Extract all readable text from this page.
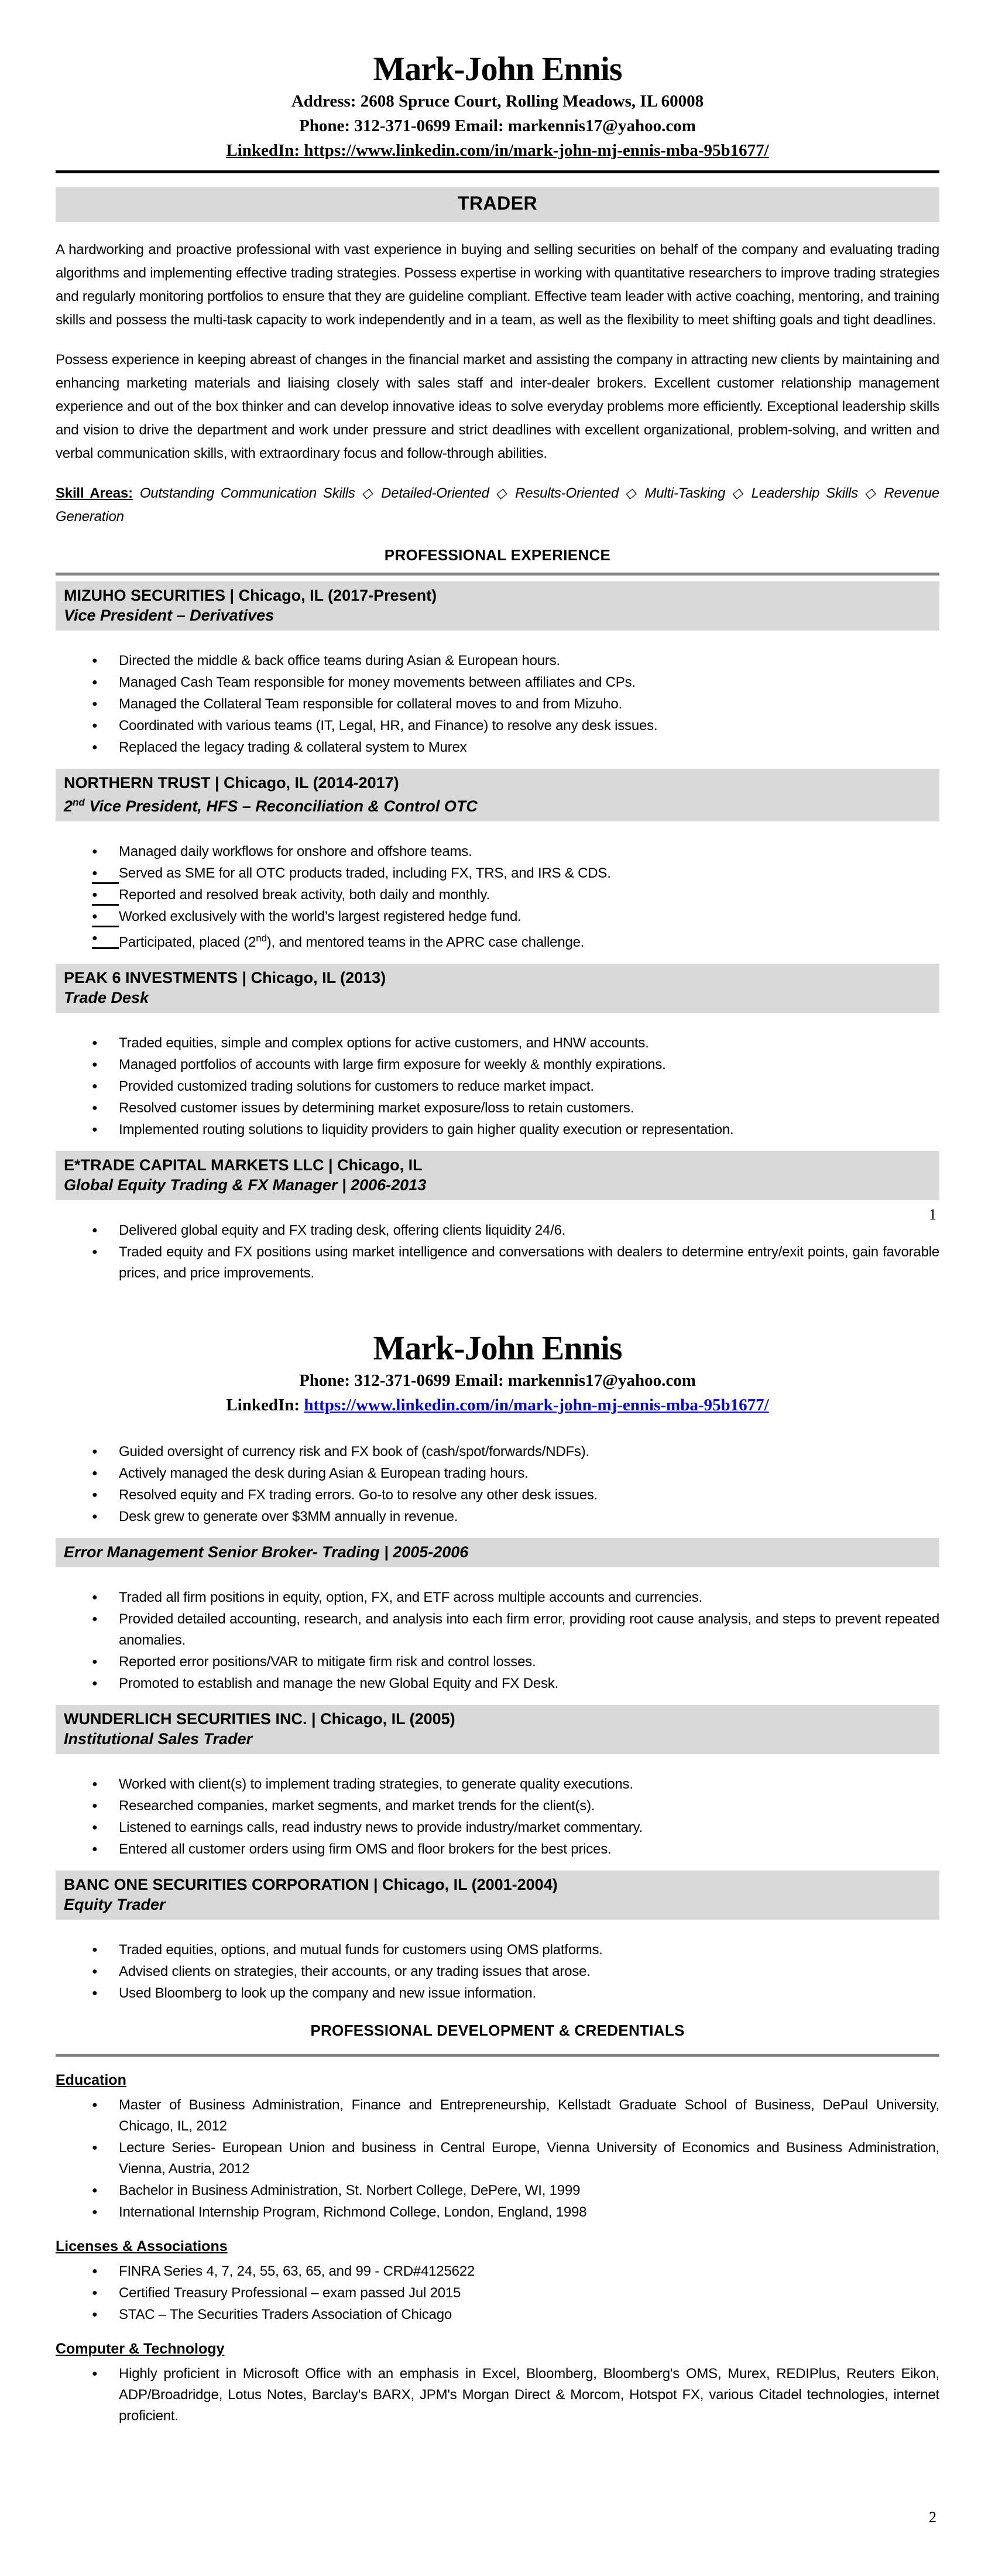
Mark-John Ennis
Address: 2608 Spruce Court, Rolling Meadows, IL 60008
Phone: 312-371-0699 Email: markennis17@yahoo.com
LinkedIn: https://www.linkedin.com/in/mark-john-mj-ennis-mba-95b1677/
TRADER

A hardworking and proactive professional with vast experience in buying and selling securities on behalf of the company and evaluating trading algorithms and implementing effective trading strategies. Possess expertise in working with quantitative researchers to improve trading strategies and regularly monitoring portfolios to ensure that they are guideline compliant. Effective team leader with active coaching, mentoring, and training skills and possess the multi-task capacity to work independently and in a team, as well as the flexibility to meet shifting goals and tight deadlines.

Possess experience in keeping abreast of changes in the financial market and assisting the company in attracting new clients by maintaining and enhancing marketing materials and liaising closely with sales staff and inter-dealer brokers. Excellent customer relationship management experience and out of the box thinker and can develop innovative ideas to solve everyday problems more efficiently. Exceptional leadership skills and vision to drive the department and work under pressure and strict deadlines with excellent organizational, problem-solving, and written and verbal communication skills, with extraordinary focus and follow-through abilities.

Skill Areas: Outstanding Communication Skills ◇ Detailed-Oriented ◇ Results-Oriented ◇ Multi-Tasking ◇ Leadership Skills ◇ Revenue Generation

PROFESSIONAL EXPERIENCE
MIZUHO SECURITIES | Chicago, IL (2017-Present)
Vice President – Derivatives
●	Directed the middle & back office teams during Asian & European hours.
●	Managed Cash Team responsible for money movements between affiliates and CPs.
●	Managed the Collateral Team responsible for collateral moves to and from Mizuho.
●	Coordinated with various teams (IT, Legal, HR, and Finance) to resolve any desk issues.
●	Replaced the legacy trading & collateral system to Murex
NORTHERN TRUST | Chicago, IL (2014-2017)
2nd Vice President, HFS – Reconciliation & Control OTC
●	Managed daily workflows for onshore and offshore teams.
●	Served as SME for all OTC products traded, including FX, TRS, and IRS & CDS.
●	Reported and resolved break activity, both daily and monthly.
●	Worked exclusively with the world’s largest registered hedge fund.
●	Participated, placed (2nd), and mentored teams in the APRC case challenge.
PEAK 6 INVESTMENTS | Chicago, IL (2013)
Trade Desk
●	Traded equities, simple and complex options for active customers, and HNW accounts.
●	Managed portfolios of accounts with large firm exposure for weekly & monthly expirations.
●	Provided customized trading solutions for customers to reduce market impact.
●	Resolved customer issues by determining market exposure/loss to retain customers.
●	Implemented routing solutions to liquidity providers to gain higher quality execution or representation.
E*TRADE CAPITAL MARKETS LLC | Chicago, IL
Global Equity Trading & FX Manager | 2006-2013
●	Delivered global equity and FX trading desk, offering clients liquidity 24/6.
●	Traded equity and FX positions using market intelligence and conversations with dealers to determine entry/exit points, gain favorable prices, and price improvements.
1
Mark-John Ennis
Phone: 312-371-0699 Email: markennis17@yahoo.com
LinkedIn: https://www.linkedin.com/in/mark-john-mj-ennis-mba-95b1677/
●	Guided oversight of currency risk and FX book of (cash/spot/forwards/NDFs).
●	Actively managed the desk during Asian & European trading hours.
●	Resolved equity and FX trading errors. Go-to to resolve any other desk issues.
●	Desk grew to generate over $3MM annually in revenue.
Error Management Senior Broker- Trading | 2005-2006
●	Traded all firm positions in equity, option, FX, and ETF across multiple accounts and currencies.
●	Provided detailed accounting, research, and analysis into each firm error, providing root cause analysis, and steps to prevent repeated anomalies.
●	Reported error positions/VAR to mitigate firm risk and control losses.
●	Promoted to establish and manage the new Global Equity and FX Desk.
WUNDERLICH SECURITIES INC. | Chicago, IL (2005)
Institutional Sales Trader
●	Worked with client(s) to implement trading strategies, to generate quality executions.
●	Researched companies, market segments, and market trends for the client(s).
●	Listened to earnings calls, read industry news to provide industry/market commentary.
●	Entered all customer orders using firm OMS and floor brokers for the best prices.
BANC ONE SECURITIES CORPORATION | Chicago, IL (2001-2004)
Equity Trader
●	Traded equities, options, and mutual funds for customers using OMS platforms.
●	Advised clients on strategies, their accounts, or any trading issues that arose.
●	Used Bloomberg to look up the company and new issue information.
PROFESSIONAL DEVELOPMENT & CREDENTIALS
Education
●	Master of Business Administration, Finance and Entrepreneurship, Kellstadt Graduate School of Business, DePaul University, Chicago, IL, 2012
●	Lecture Series- European Union and business in Central Europe, Vienna University of Economics and Business Administration, Vienna, Austria, 2012
●	Bachelor in Business Administration, St. Norbert College, DePere, WI, 1999
●	International Internship Program, Richmond College, London, England, 1998
Licenses & Associations
●	FINRA Series 4, 7, 24, 55, 63, 65, and 99 - CRD#4125622
●	Certified Treasury Professional – exam passed Jul 2015
●	STAC – The Securities Traders Association of Chicago
Computer & Technology
●	Highly proficient in Microsoft Office with an emphasis in Excel, Bloomberg, Bloomberg's OMS, Murex, REDIPlus, Reuters Eikon, ADP/Broadridge, Lotus Notes, Barclay's BARX, JPM's Morgan Direct & Morcom, Hotspot FX, various Citadel technologies, internet proficient.
2
